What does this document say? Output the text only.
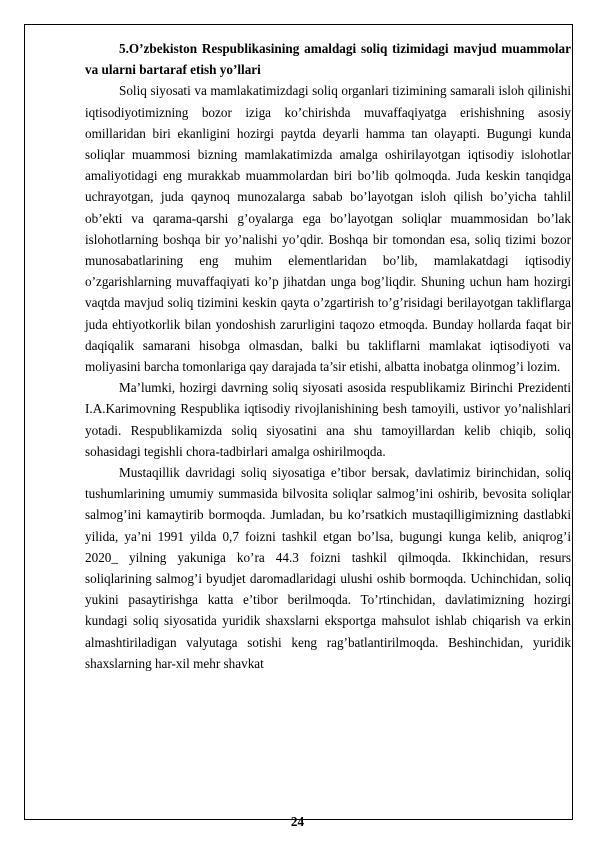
5.O’zbekiston Respublikasining amaldagi soliq tizimidagi mavjud muammolar va ularni bartaraf etish yo’llari

Soliq siyosati va mamlakatimizdagi soliq organlari tizimining samarali isloh qilinishi iqtisodiyotimizning bozor iziga ko’chirishda muvaffaqiyatga erishishning asosiy omillaridan biri ekanligini hozirgi paytda deyarli hamma tan olayapti. Bugungi kunda soliqlar muammosi bizning mamlakatimizda amalga oshirilayotgan iqtisodiy islohotlar amaliyotidagi eng murakkab muammolardan biri bo’lib qolmoqda. Juda keskin tanqidga uchrayotgan, juda qaynoq munozalarga sabab bo’layotgan isloh qilish bo’yicha tahlil ob’ekti va qarama-qarshi g’oyalarga ega bo’layotgan soliqlar muammosidan bo’lak islohotlarning boshqa bir yo’nalishi yo’qdir. Boshqa bir tomondan esa, soliq tizimi bozor munosabatlarining eng muhim elementlaridan bo’lib, mamlakatdagi iqtisodiy o’zgarishlarning muvaffaqiyati ko’p jihatdan unga bog’liqdir. Shuning uchun ham hozirgi vaqtda mavjud soliq tizimini keskin qayta o’zgartirish to’g’risidagi berilayotgan takliflarga juda ehtiyotkorlik bilan yondoshish zarurligini taqozo etmoqda. Bunday hollarda faqat bir daqiqalik samarani hisobga olmasdan, balki bu takliflarni mamlakat iqtisodiyoti va moliyasini barcha tomonlariga qay darajada ta’sir etishi, albatta inobatga olinmog’i lozim.

Ma’lumki, hozirgi davrning soliq siyosati asosida respublikamiz Birinchi Prezidenti I.A.Karimovning Respublika iqtisodiy rivojlanishining besh tamoyili, ustivor yo’nalishlari yotadi. Respublikamizda soliq siyosatini ana shu tamoyillardan kelib chiqib, soliq sohasidagi tegishli chora-tadbirlari amalga oshirilmoqda.

Mustaqillik davridagi soliq siyosatiga e’tibor bersak, davlatimiz birinchidan, soliq tushumlarining umumiy summasida bilvosita soliqlar salmog’ini oshirib, bevosita soliqlar salmog’ini kamaytirib bormoqda. Jumladan, bu ko’rsatkich mustaqilligimizning dastlabki yilida, ya’ni 1991 yilda 0,7 foizni tashkil etgan bo’lsa, bugungi kunga kelib, aniqrog’i 2020_ yilning yakuniga ko’ra 44.3 foizni tashkil qilmoqda. Ikkinchidan, resurs soliqlarining salmog’i byudjet daromadlaridagi ulushi oshib bormoqda. Uchinchidan, soliq yukini pasaytirishga katta e’tibor berilmoqda. To’rtinchidan, davlatimizning hozirgi kundagi soliq siyosatida yuridik shaxslarni eksportga mahsulot ishlab chiqarish va erkin almashtiriladigan valyutaga sotishi keng rag’batlantirilmoqda. Beshinchidan, yuridik shaxslarning har-xil mehr shavkat

24
